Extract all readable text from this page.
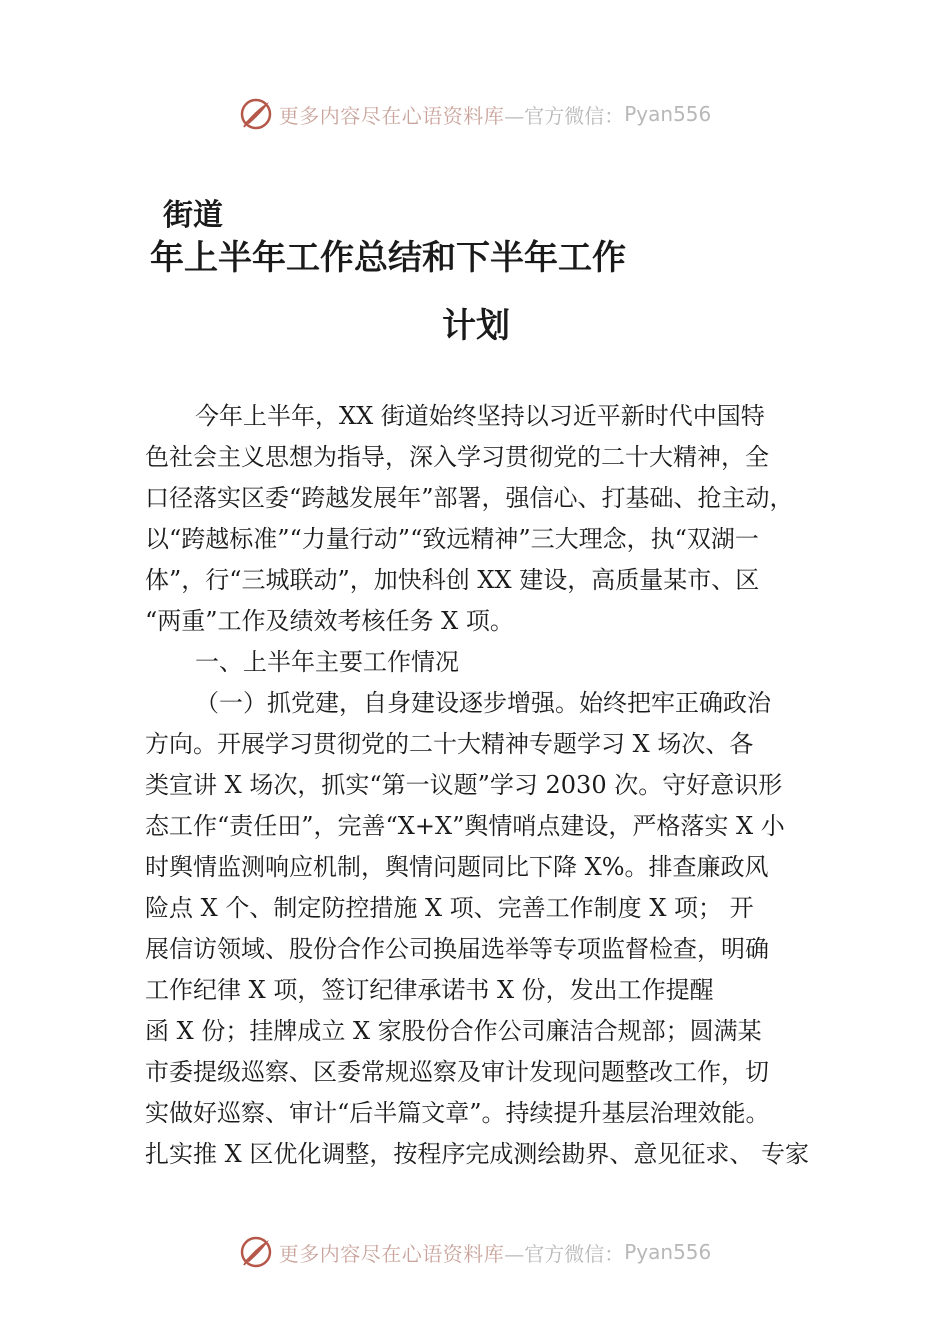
更多内容尽在心语资料库 —官方微信： Pyan556
街道
年上半年工作总结和下半年工作
计划
今年上半年，XX 街道始终坚持以习近平新时代中国特
色社会主义思想为指导，深入学习贯彻党的二十大精神，全
口径落实区委“跨越发展年”部署，强信心、打基础、抢主动，
以“跨越标准”“力量行动”“致远精神”三大理念，执“双湖一
体”，行“三城联动”，加快科创 XX 建设，高质量某市、区
“两重”工作及绩效考核任务 X 项。
一、上半年主要工作情况
（一）抓党建，自身建设逐步增强。始终把牢正确政治
方向。开展学习贯彻党的二十大精神专题学习 X 场次、各
类宣讲 X 场次，抓实“第一议题”学习 2030 次。守好意识形
态工作“责任田”，完善“X+X”舆情哨点建设，严格落实 X 小
时舆情监测响应机制，舆情问题同比下降 X%。排查廉政风
险点 X 个、制定防控措施 X 项、完善工作制度 X 项； 开
展信访领域、股份合作公司换届选举等专项监督检查，明确
工作纪律 X 项，签订纪律承诺书 X 份，发出工作提醒
函 X 份；挂牌成立 X 家股份合作公司廉洁合规部；圆满某
市委提级巡察、区委常规巡察及审计发现问题整改工作，切
实做好巡察、审计“后半篇文章”。持续提升基层治理效能。
扎实推 X 区优化调整，按程序完成测绘勘界、意见征求、 专家
更多内容尽在心语资料库 —官方微信： Pyan556
